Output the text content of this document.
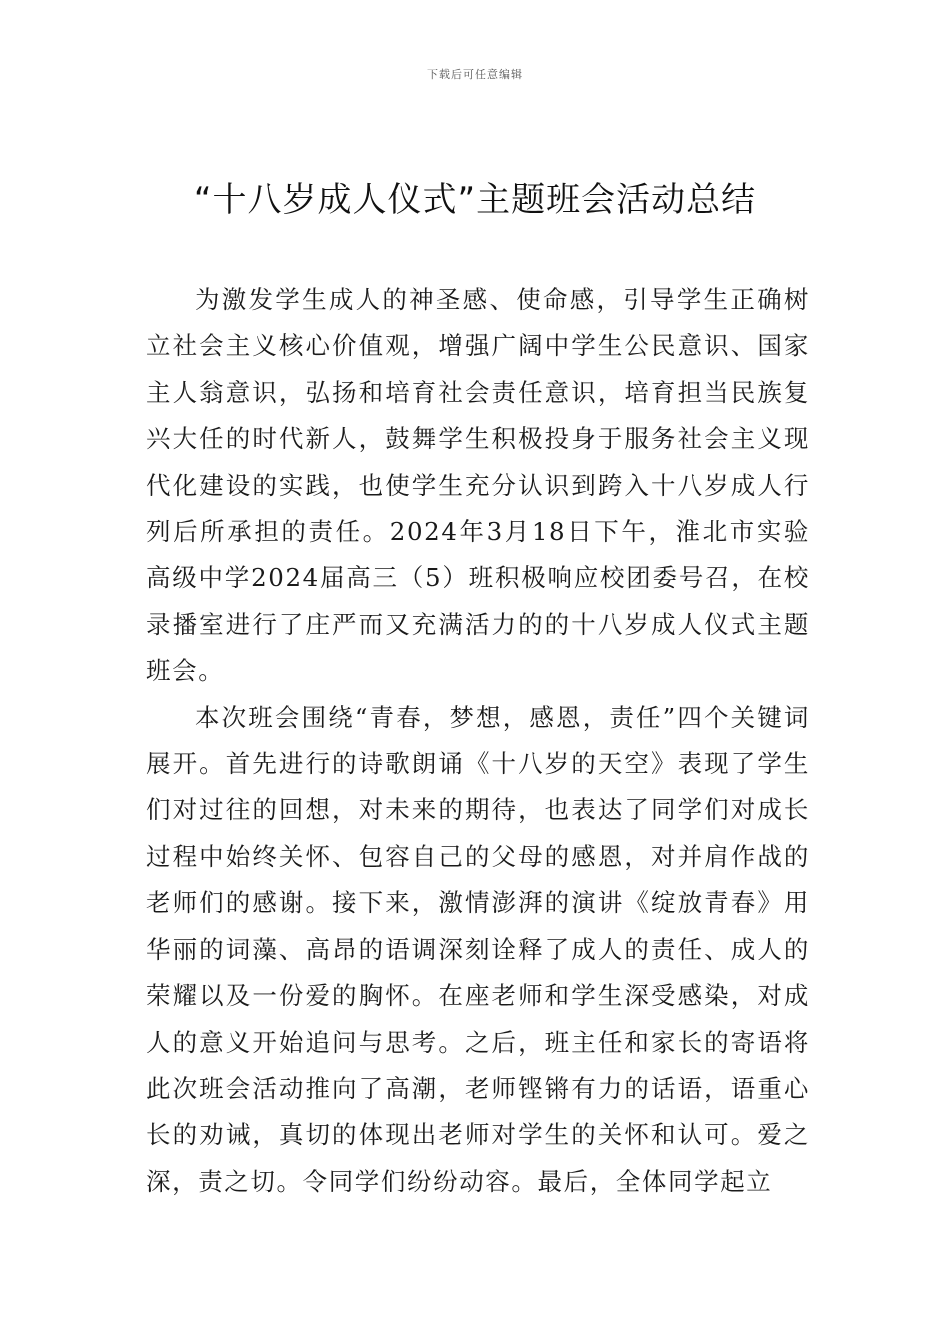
下载后可任意编辑
“十八岁成人仪式”主题班会活动总结

为激发学生成人的神圣感、使命感，引导学生正确树立社会主义核心价值观，增强广阔中学生公民意识、国家主人翁意识，弘扬和培育社会责任意识，培育担当民族复兴大任的时代新人，鼓舞学生积极投身于服务社会主义现代化建设的实践，也使学生充分认识到跨入十八岁成人行列后所承担的责任。2024年3月18日下午，淮北市实验高级中学2024届高三（5）班积极响应校团委号召，在校录播室进行了庄严而又充满活力的的十八岁成人仪式主题班会。

本次班会围绕“青春，梦想，感恩，责任”四个关键词展开。首先进行的诗歌朗诵《十八岁的天空》表现了学生们对过往的回想，对未来的期待，也表达了同学们对成长过程中始终关怀、包容自己的父母的感恩，对并肩作战的老师们的感谢。接下来，激情澎湃的演讲《绽放青春》用华丽的词藻、高昂的语调深刻诠释了成人的责任、成人的荣耀以及一份爱的胸怀。在座老师和学生深受感染，对成人的意义开始追问与思考。之后，班主任和家长的寄语将此次班会活动推向了高潮，老师铿锵有力的话语，语重心长的劝诫，真切的体现出老师对学生的关怀和认可。爱之深，责之切。令同学们纷纷动容。最后，全体同学起立
